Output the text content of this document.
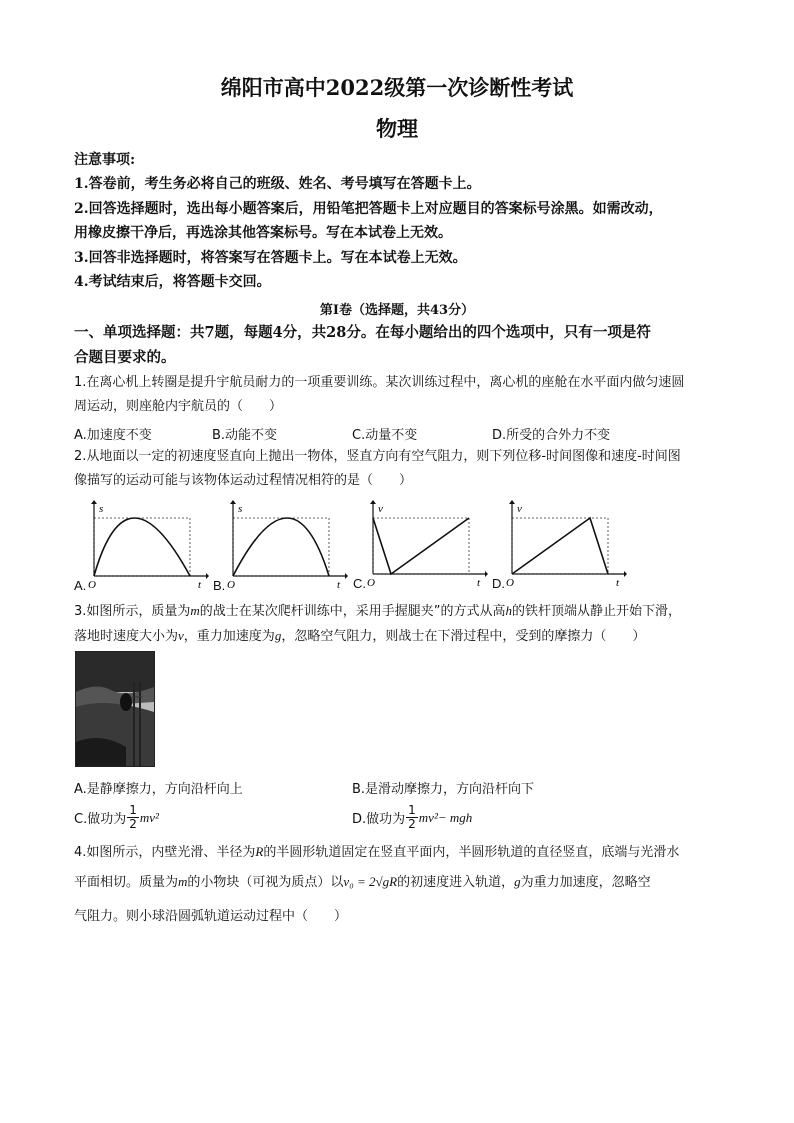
绵阳市高中2022级第一次诊断性考试
物理
注意事项:
1.答卷前，考生务必将自己的班级、姓名、考号填写在答题卡上。
2.回答选择题时，选出每小题答案后，用铅笔把答题卡上对应题目的答案标号涂黑。如需改动，
用橡皮擦干净后，再选涂其他答案标号。写在本试卷上无效。
3.回答非选择题时，将答案写在答题卡上。写在本试卷上无效。
4.考试结束后，将答题卡交回。
第Ⅰ卷（选择题，共43分）
一、单项选择题：共7题，每题4分，共28分。在每小题给出的四个选项中，只有一项是符
合题目要求的。
1.在离心机上转圈是提升宇航员耐力的一项重要训练。某次训练过程中，离心机的座舱在水平面内做匀速圆
周运动，则座舱内宇航员的（　　）
A.加速度不变	B.动能不变	C.动量不变	D.所受的合外力不变
2.从地面以一定的初速度竖直向上抛出一物体，竖直方向有空气阻力，则下列位移-时间图像和速度-时间图
像描写的运动可能与该物体运动过程情况相符的是（　　）
s
O	t
A.
s
O	t
B.
v
O	t
C.
v
O	t
D.
3.如图所示，质量为m的战士在某次爬杆训练中，采用手握腿夹”的方式从高h的铁杆顶端从静止开始下滑，
落地时速度大小为v，重力加速度为g，忽略空气阻力，则战士在下滑过程中，受到的摩擦力（　　）
A.是静摩擦力，方向沿杆向上	B.是滑动摩擦力，方向沿杆向下
C.做功为 $\frac{1}{2} mv^2$	D.做功为 $\frac{1}{2} mv^2$ − mgh
4.如图所示，内壁光滑、半径为R的半圆形轨道固定在竖直平面内，半圆形轨道的直径竖直，底端与光滑水
平面相切。质量为m的小物块（可视为质点）以v₀ = 2√gR的初速度进入轨道，g为重力加速度，忽略空
气阻力。则小球沿圆弧轨道运动过程中（　　）
